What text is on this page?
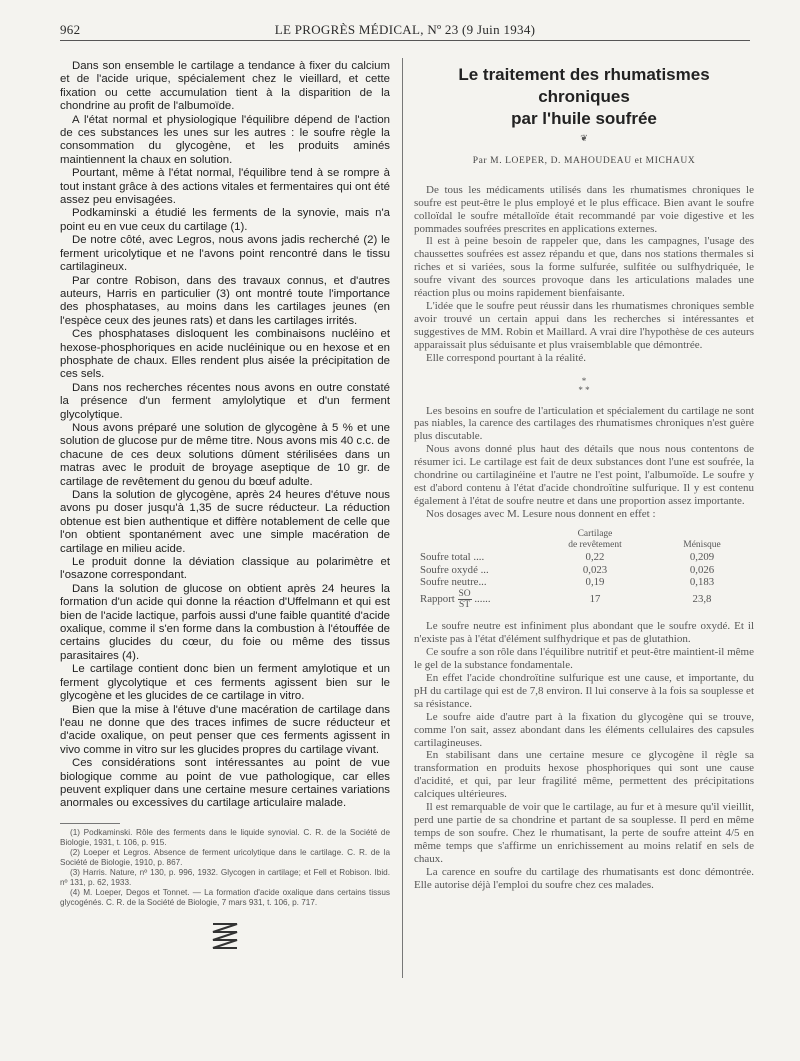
962	LE PROGRÈS MÉDICAL, Nº 23 (9 Juin 1934)

Dans son ensemble le cartilage a tendance à fixer du calcium et de l'acide urique, spécialement chez le vieillard, et cette fixation ou cette accumulation tient à la disparition de la chondrine au profit de l'albumoïde.

A l'état normal et physiologique l'équilibre dépend de l'action de ces substances les unes sur les autres : le soufre règle la consommation du glycogène, et les produits aminés maintiennent la chaux en solution.

Pourtant, même à l'état normal, l'équilibre tend à se rompre à tout instant grâce à des actions vitales et fermentaires qui ont été assez peu envisagées.

Podkaminski a étudié les ferments de la synovie, mais n'a point eu en vue ceux du cartilage (1).

De notre côté, avec Legros, nous avons jadis recherché (2) le ferment uricolytique et ne l'avons point rencontré dans le tissu cartilagineux.

Par contre Robison, dans des travaux connus, et d'autres auteurs, Harris en particulier (3) ont montré toute l'importance des phosphatases, au moins dans les cartilages jeunes (en l'espèce ceux des jeunes rats) et dans les cartilages irrités.

Ces phosphatases disloquent les combinaisons nucléino et hexose-phosphoriques en acide nucléinique ou en hexose et en phosphate de chaux. Elles rendent plus aisée la précipitation de ces sels.

Dans nos recherches récentes nous avons en outre constaté la présence d'un ferment amylolytique et d'un ferment glycolytique.

Nous avons préparé une solution de glycogène à 5 % et une solution de glucose pur de même titre. Nous avons mis 40 c.c. de chacune de ces deux solutions dûment stérilisées dans un matras avec le produit de broyage aseptique de 10 gr. de cartilage de revêtement du genou du bœuf adulte.

Dans la solution de glycogène, après 24 heures d'étuve nous avons pu doser jusqu'à 1,35 de sucre réducteur. La réduction obtenue est bien authentique et diffère notablement de celle que l'on obtient spontanément avec une simple macération de cartilage en milieu acide.

Le produit donne la déviation classique au polarimètre et l'osazone correspondant.

Dans la solution de glucose on obtient après 24 heures la formation d'un acide qui donne la réaction d'Uffelmann et qui est bien de l'acide lactique, parfois aussi d'une faible quantité d'acide oxalique, comme il s'en forme dans la combustion à l'étouffée de certains glucides du cœur, du foie ou même des tissus parasitaires (4).

Le cartilage contient donc bien un ferment amylotique et un ferment glycolytique et ces ferments agissent bien sur le glycogène et les glucides de ce cartilage in vitro.

Bien que la mise à l'étuve d'une macération de cartilage dans l'eau ne donne que des traces infimes de sucre réducteur et d'acide oxalique, on peut penser que ces ferments agissent in vivo comme in vitro sur les glucides propres du cartilage vivant.

Ces considérations sont intéressantes au point de vue biologique comme au point de vue pathologique, car elles peuvent expliquer dans une certaine mesure certaines variations anormales ou excessives du cartilage articulaire malade.

(1) Podkaminski. Rôle des ferments dans le liquide synovial. C. R. de la Société de Biologie, 1931, t. 106, p. 915.

(2) Loeper et Legros. Absence de ferment uricolytique dans le cartilage. C. R. de la Société de Biologie, 1910, p. 867.

(3) Harris. Nature, nº 130, p. 996, 1932. Glycogen in cartilage; et Fell et Robison. Ibid. nº 131, p. 62, 1933.

(4) M. Loeper, Degos et Tonnet. — La formation d'acide oxalique dans certains tissus glycogénés. C. R. de la Société de Biologie, 7 mars 931, t. 106, p. 717.

Le traitement des rhumatismes chroniques
par l'huile soufrée
❦
Par M. LOEPER, D. MAHOUDEAU et MICHAUX

De tous les médicaments utilisés dans les rhumatismes chroniques le soufre est peut-être le plus employé et le plus efficace. Bien avant le soufre colloïdal le soufre métalloïde était recommandé par voie digestive et les pommades soufrées prescrites en applications externes.

Il est à peine besoin de rappeler que, dans les campagnes, l'usage des chaussettes soufrées est assez répandu et que, dans nos stations thermales si riches et si variées, sous la forme sulfurée, sulfitée ou sulfhydriquée, le soufre vivant des sources provoque dans les articulations malades une réaction plus ou moins rapidement bienfaisante.

L'idée que le soufre peut réussir dans les rhumatismes chroniques semble avoir trouvé un certain appui dans les recherches si intéressantes et suggestives de MM. Robin et Maillard. A vrai dire l'hypothèse de ces auteurs apparaissait plus séduisante et plus vraisemblable que démontrée.

Elle correspond pourtant à la réalité.

*
* *

Les besoins en soufre de l'articulation et spécialement du cartilage ne sont pas niables, la carence des cartilages des rhumatismes chroniques n'est guère plus discutable.

Nous avons donné plus haut des détails que nous nous contentons de résumer ici. Le cartilage est fait de deux substances dont l'une est soufrée, la chondrine ou cartilaginéine et l'autre ne l'est point, l'albumoïde. Le soufre y est d'abord contenu à l'état d'acide chondroïtine sulfurique. Il y est contenu également à l'état de soufre neutre et dans une proportion assez importante.

Nos dosages avec M. Lesure nous donnent en effet :

	Cartilage
de revêtement	Ménisque
Soufre total ....	0,22	0,209
Soufre oxydé ...	0,023	0,026
Soufre neutre...	0,19	0,183
Rapport $\frac{SO}{ST}$ ......	17	23,8

Le soufre neutre est infiniment plus abondant que le soufre oxydé. Et il n'existe pas à l'état d'élément sulfhydrique et pas de glutathion.

Ce soufre a son rôle dans l'équilibre nutritif et peut-être maintient-il même le gel de la substance fondamentale.

En effet l'acide chondroïtine sulfurique est une cause, et importante, du pH du cartilage qui est de 7,8 environ. Il lui conserve à la fois sa souplesse et sa résistance.

Le soufre aide d'autre part à la fixation du glycogène qui se trouve, comme l'on sait, assez abondant dans les éléments cellulaires des capsules cartilagineuses.

En stabilisant dans une certaine mesure ce glycogène il règle sa transformation en produits hexose phosphoriques qui sont une cause d'acidité, et qui, par leur fragilité même, permettent des précipitations calciques ultérieures.

Il est remarquable de voir que le cartilage, au fur et à mesure qu'il vieillit, perd une partie de sa chondrine et partant de sa souplesse. Il perd en même temps de son soufre. Chez le rhumatisant, la perte de soufre atteint 4/5 en même temps que s'affirme un enrichissement au moins relatif en sels de chaux.

La carence en soufre du cartilage des rhumatisants est donc démontrée. Elle autorise déjà l'emploi du soufre chez ces malades.
